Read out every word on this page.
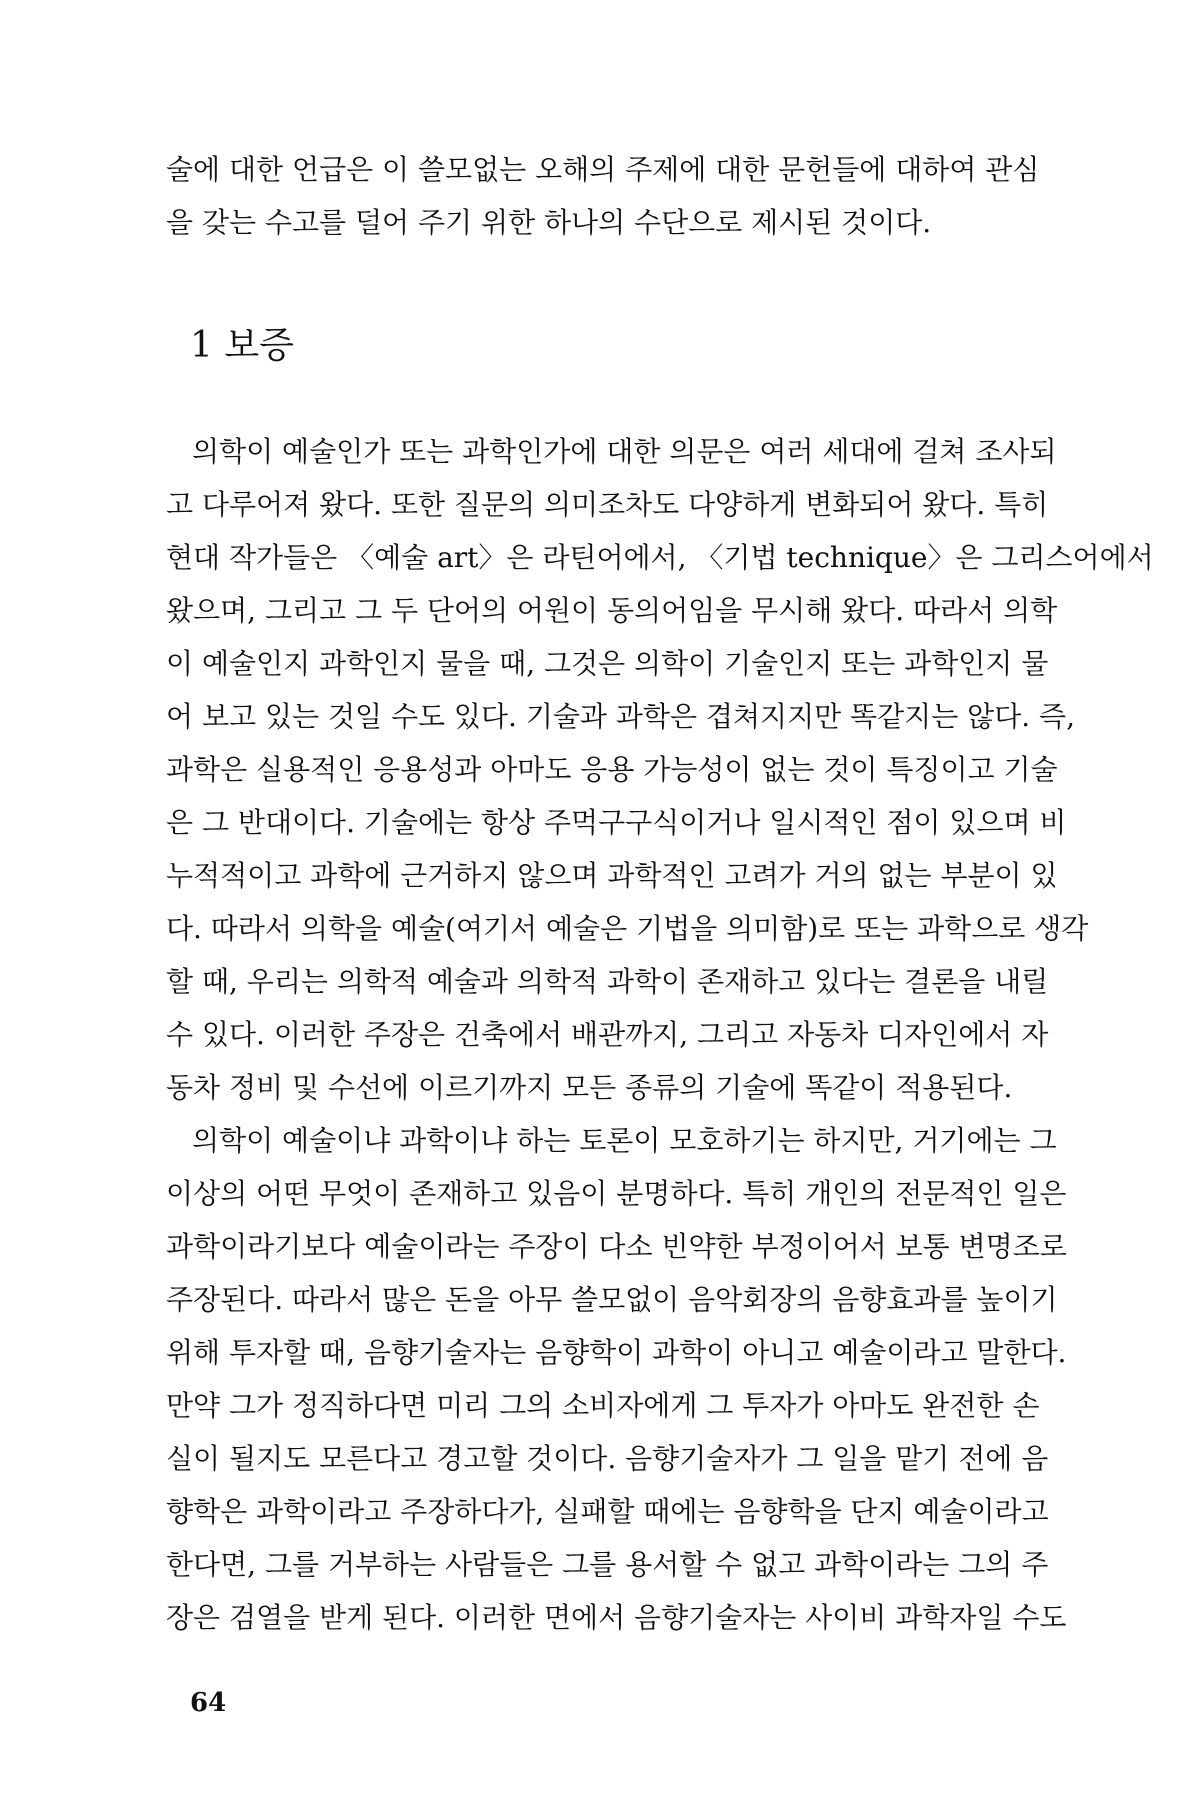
술에 대한 언급은 이 쓸모없는 오해의 주제에 대한 문헌들에 대하여 관심
을 갖는 수고를 덜어 주기 위한 하나의 수단으로 제시된 것이다.
1 보증
의학이 예술인가 또는 과학인가에 대한 의문은 여러 세대에 걸쳐 조사되
고 다루어져 왔다. 또한 질문의 의미조차도 다양하게 변화되어 왔다. 특히
현대 작가들은 〈예술 art〉은 라틴어에서, 〈기법 technique〉은 그리스어에서
왔으며, 그리고 그 두 단어의 어원이 동의어임을 무시해 왔다. 따라서 의학
이 예술인지 과학인지 물을 때, 그것은 의학이 기술인지 또는 과학인지 물
어 보고 있는 것일 수도 있다. 기술과 과학은 겹쳐지지만 똑같지는 않다. 즉,
과학은 실용적인 응용성과 아마도 응용 가능성이 없는 것이 특징이고 기술
은 그 반대이다. 기술에는 항상 주먹구구식이거나 일시적인 점이 있으며 비
누적적이고 과학에 근거하지 않으며 과학적인 고려가 거의 없는 부분이 있
다. 따라서 의학을 예술(여기서 예술은 기법을 의미함)로 또는 과학으로 생각
할 때, 우리는 의학적 예술과 의학적 과학이 존재하고 있다는 결론을 내릴
수 있다. 이러한 주장은 건축에서 배관까지, 그리고 자동차 디자인에서 자
동차 정비 및 수선에 이르기까지 모든 종류의 기술에 똑같이 적용된다.
의학이 예술이냐 과학이냐 하는 토론이 모호하기는 하지만, 거기에는 그
이상의 어떤 무엇이 존재하고 있음이 분명하다. 특히 개인의 전문적인 일은
과학이라기보다 예술이라는 주장이 다소 빈약한 부정이어서 보통 변명조로
주장된다. 따라서 많은 돈을 아무 쓸모없이 음악회장의 음향효과를 높이기
위해 투자할 때, 음향기술자는 음향학이 과학이 아니고 예술이라고 말한다.
만약 그가 정직하다면 미리 그의 소비자에게 그 투자가 아마도 완전한 손
실이 될지도 모른다고 경고할 것이다. 음향기술자가 그 일을 맡기 전에 음
향학은 과학이라고 주장하다가, 실패할 때에는 음향학을 단지 예술이라고
한다면, 그를 거부하는 사람들은 그를 용서할 수 없고 과학이라는 그의 주
장은 검열을 받게 된다. 이러한 면에서 음향기술자는 사이비 과학자일 수도
64
